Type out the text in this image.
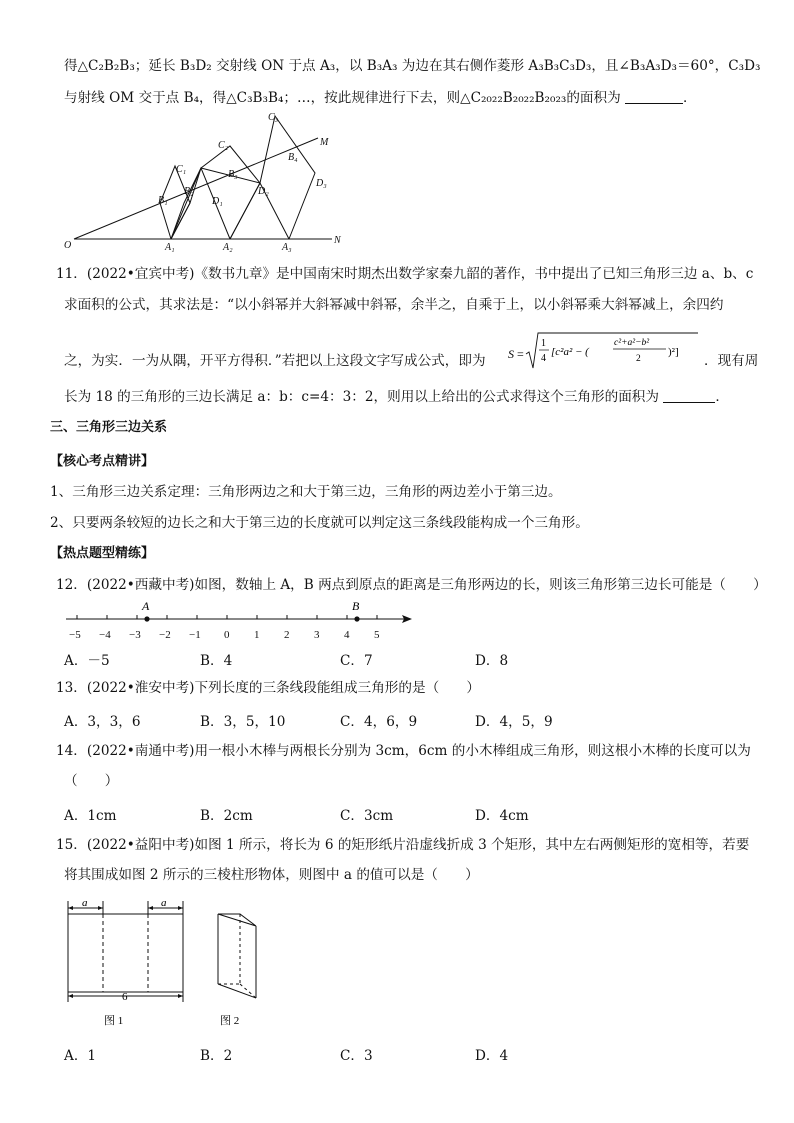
得△C₂B₂B₃；延长 B₃D₂ 交射线 ON 于点 A₃，以 B₃A₃ 为边在其右侧作菱形 A₃B₃C₃D₃，且∠B₃A₃D₃＝60°，C₃D₃
与射线 OM 交于点 B₄，得△C₃B₃B₄；…，按此规律进行下去，则△C₂₀₂₂B₂₀₂₂B₂₀₂₃的面积为	．
O
M
N
A₁	A₂	A₃
B₁
B₂
B₃
B₄
C₁
C₂
C₃
D₁
D₂
D₃
11．(2022•宜宾中考)《数书九章》是中国南宋时期杰出数学家秦九韶的著作，书中提出了已知三角形三边 a、b、c
求面积的公式，其求法是：“以小斜幂并大斜幂减中斜幂，余半之，自乘于上，以小斜幂乘大斜幂减上，余四约
之，为实．一为从隅，开平方得积．”若把以上这段文字写成公式，即为 S =
1
4
[c²a² − (
c²+a²−b²
2
)²]
．现有周
长为 18 的三角形的三边长满足 a：b：c=4：3：2，则用以上给出的公式求得这个三角形的面积为	．
三、三角形三边关系
【核心考点精讲】
1、三角形三边关系定理：三角形两边之和大于第三边，三角形的两边差小于第三边。
2、只要两条较短的边长之和大于第三边的长度就可以判定这三条线段能构成一个三角形。
【热点题型精练】
12．(2022•西藏中考)如图，数轴上 A，B 两点到原点的距离是三角形两边的长，则该三角形第三边长可能是（　　）
−5 −4 −3 −2 −1 0 1 2 3 4 5
A	B
A．－5	B．4	C．7	D．8
13．(2022•淮安中考)下列长度的三条线段能组成三角形的是（　　）
A．3，3，6	B．3，5，10	C．4，6，9	D．4，5，9
14．(2022•南通中考)用一根小木棒与两根长分别为 3cm，6cm 的小木棒组成三角形，则这根小木棒的长度可以为
（　　）
A．1cm	B．2cm	C．3cm	D．4cm
15．(2022•益阳中考)如图 1 所示，将长为 6 的矩形纸片沿虚线折成 3 个矩形，其中左右两侧矩形的宽相等，若要
将其围成如图 2 所示的三棱柱形物体，则图中 a 的值可以是（　　）
a	a
6
图 1	图 2
A．1	B．2	C．3	D．4
